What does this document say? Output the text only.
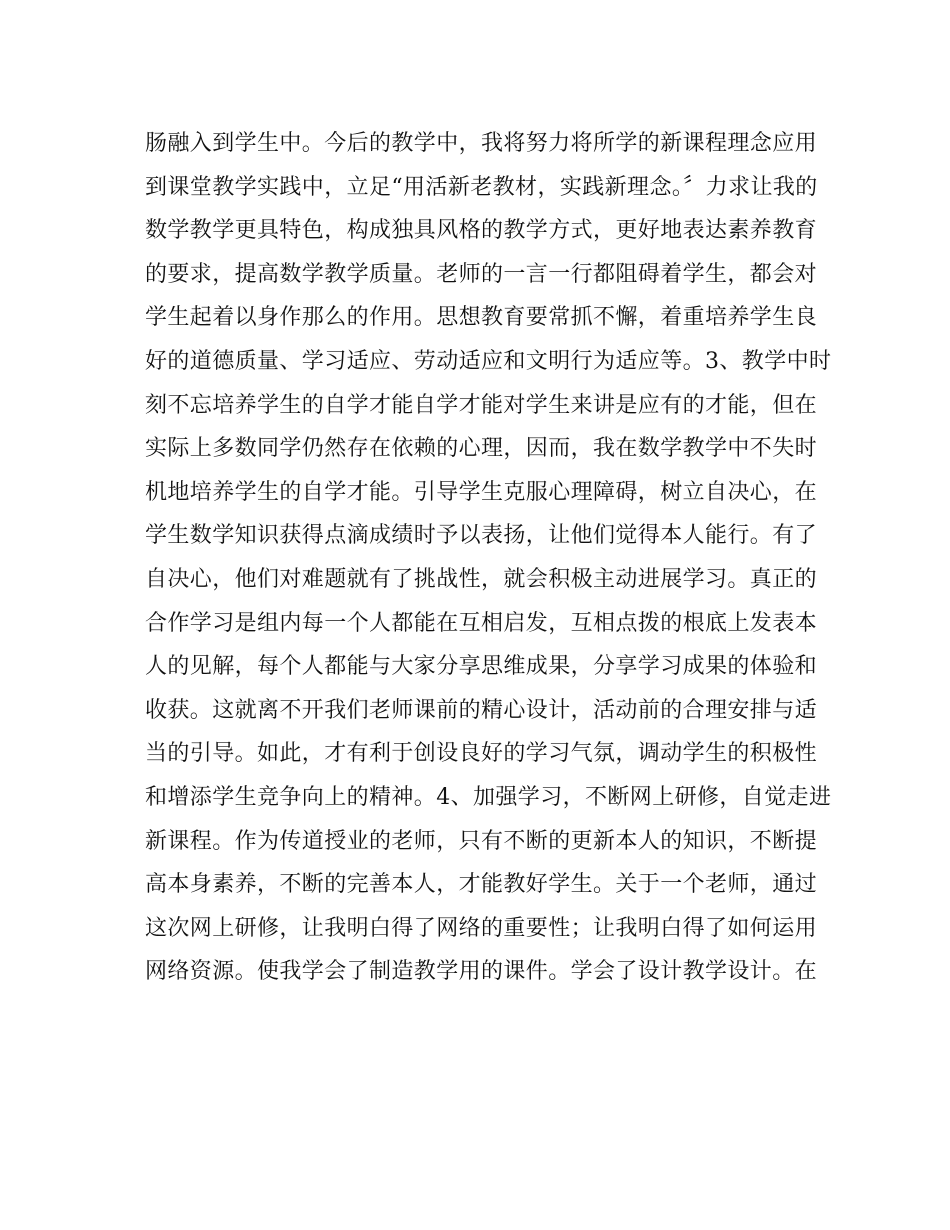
肠融入到学生中。今后的教学中，我将努力将所学的新课程理念应用
到课堂教学实践中，立足“用活新老教材，实践新理念。〞力求让我的
数学教学更具特色，构成独具风格的教学方式，更好地表达素养教育
的要求，提高数学教学质量。老师的一言一行都阻碍着学生，都会对
学生起着以身作那么的作用。思想教育要常抓不懈，着重培养学生良
好的道德质量、学习适应、劳动适应和文明行为适应等。3、教学中时
刻不忘培养学生的自学才能自学才能对学生来讲是应有的才能，但在
实际上多数同学仍然存在依赖的心理，因而，我在数学教学中不失时
机地培养学生的自学才能。引导学生克服心理障碍，树立自决心，在
学生数学知识获得点滴成绩时予以表扬，让他们觉得本人能行。有了
自决心，他们对难题就有了挑战性，就会积极主动进展学习。真正的
合作学习是组内每一个人都能在互相启发，互相点拨的根底上发表本
人的见解，每个人都能与大家分享思维成果，分享学习成果的体验和
收获。这就离不开我们老师课前的精心设计，活动前的合理安排与适
当的引导。如此，才有利于创设良好的学习气氛，调动学生的积极性
和增添学生竞争向上的精神。4、加强学习，不断网上研修，自觉走进
新课程。作为传道授业的老师，只有不断的更新本人的知识，不断提
高本身素养，不断的完善本人，才能教好学生。关于一个老师，通过
这次网上研修，让我明白得了网络的重要性；让我明白得了如何运用
网络资源。使我学会了制造教学用的课件。学会了设计教学设计。在
